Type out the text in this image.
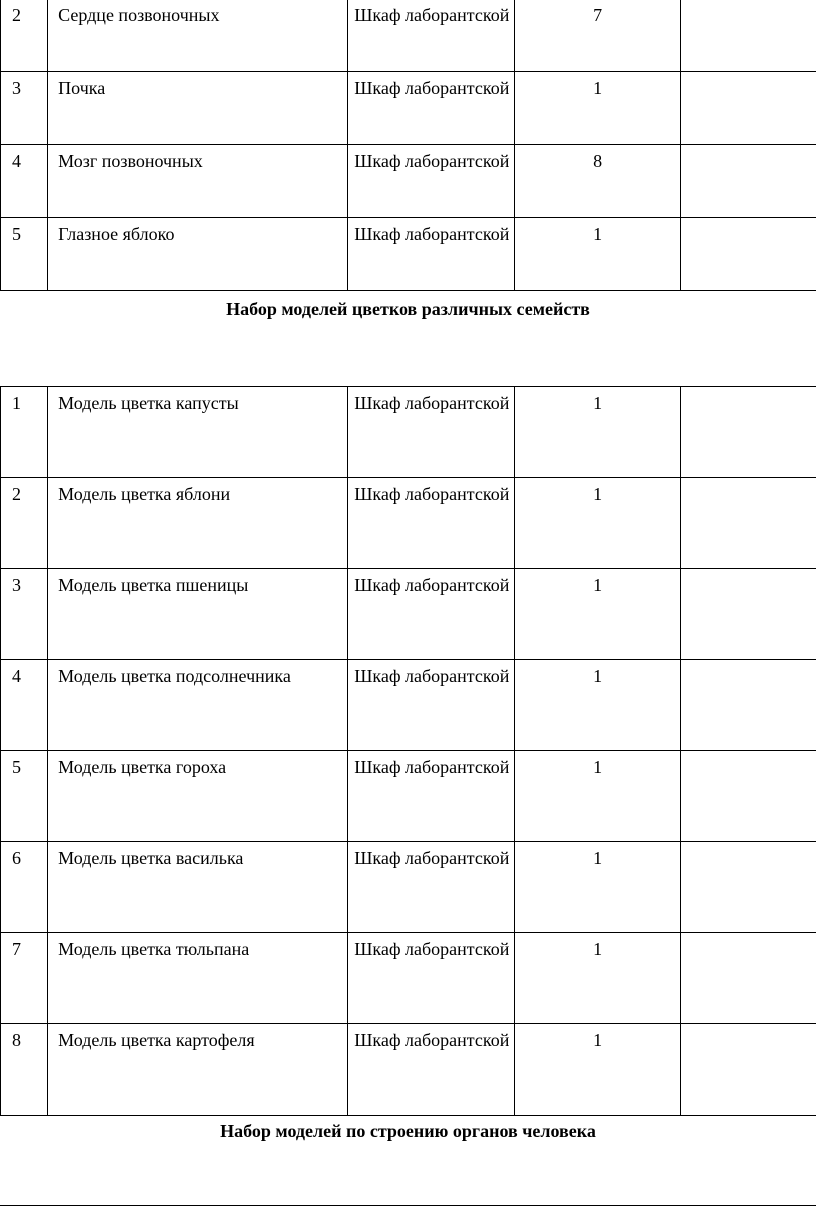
2	Сердце позвоночных	Шкаф лаборантской	7	

3	Почка	Шкаф лаборантской	1	

4	Мозг позвоночных	Шкаф лаборантской	8	

5	Глазное яблоко	Шкаф лаборантской	1	

Набор моделей цветков различных семейств
1	Модель цветка капусты	Шкаф лаборантской	1	

2	Модель цветка яблони	Шкаф лаборантской	1	

3	Модель цветка пшеницы	Шкаф лаборантской	1	

4	Модель цветка подсолнечника	Шкаф лаборантской	1	

5	Модель цветка гороха	Шкаф лаборантской	1	

6	Модель цветка василька	Шкаф лаборантской	1	

7	Модель цветка тюльпана	Шкаф лаборантской	1	

8	Модель цветка картофеля	Шкаф лаборантской	1	

Набор моделей по строению органов человека
